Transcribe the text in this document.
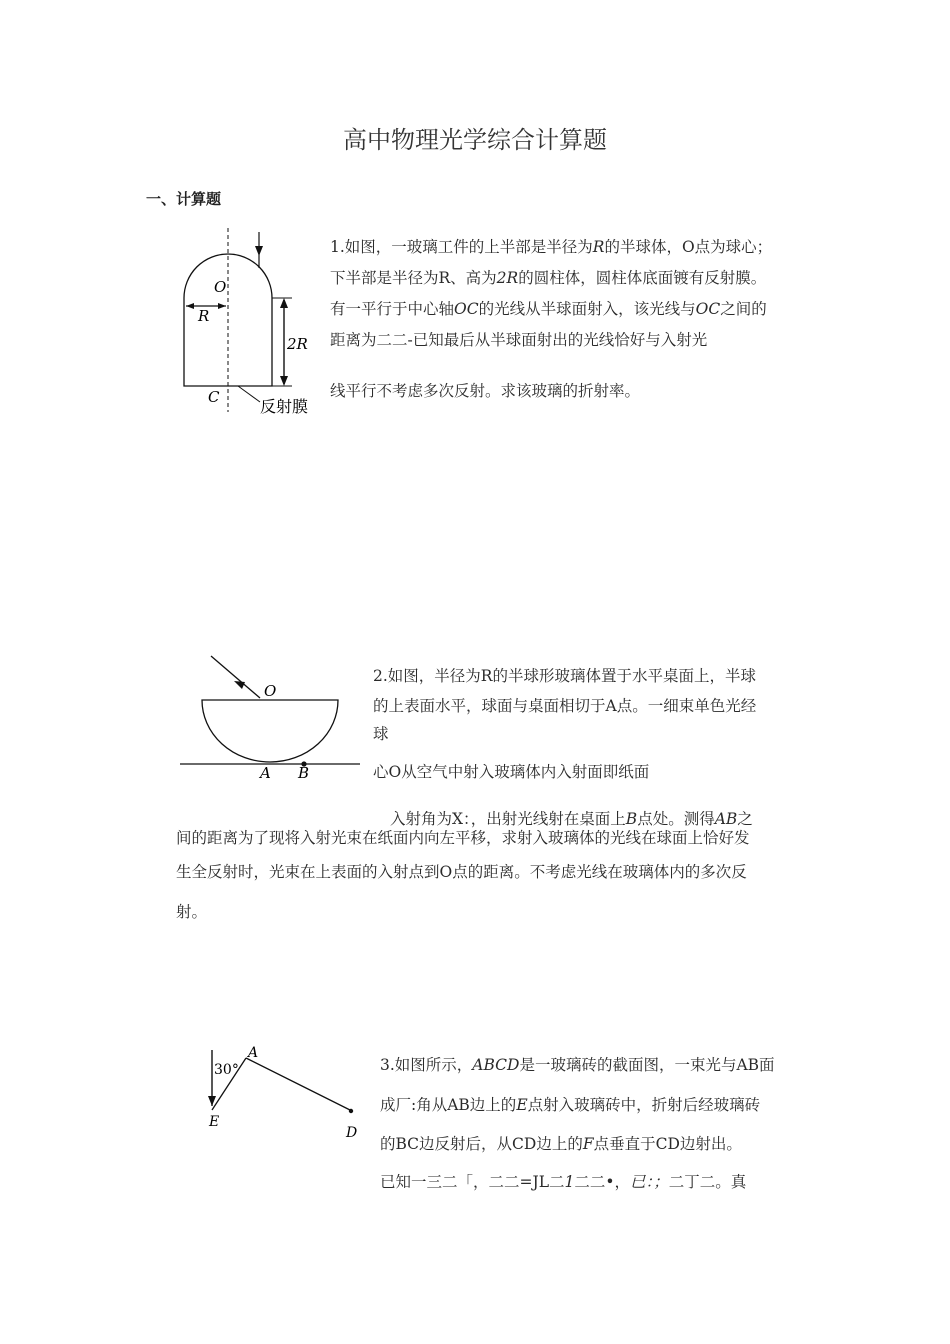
高中物理光学综合计算题
一、计算题
O
R
2R
C	反射膜
1.如图，一玻璃工件的上半部是半径为R的半球体，O点为球心；
下半部是半径为R、高为2R的圆柱体，圆柱体底面镀有反射膜。
有一平行于中心轴OC的光线从半球面射入，该光线与OC之间的
距离为二二-已知最后从半球面射出的光线恰好与入射光
线平行不考虑多次反射。求该玻璃的折射率。
O
A B
2.如图，半径为R的半球形玻璃体置于水平桌面上，半球
的上表面水平，球面与桌面相切于A点。一细束单色光经
球
心O从空气中射入玻璃体内入射面即纸面
入射角为X：，出射光线射在桌面上B点处。测得AB之
间的距离为了现将入射光束在纸面内向左平移，求射入玻璃体的光线在球面上恰好发
生全反射时，光束在上表面的入射点到O点的距离。不考虑光线在玻璃体内的多次反
射。
30°
A
E
D
3.如图所示，ABCD是一玻璃砖的截面图，一束光与AB面
成厂:角从AB边上的E点射入玻璃砖中，折射后经玻璃砖
的BC边反射后，从CD边上的F点垂直于CD边射出。
已知一三二「，二二=JL二1二二•，已：；二丁二。真
